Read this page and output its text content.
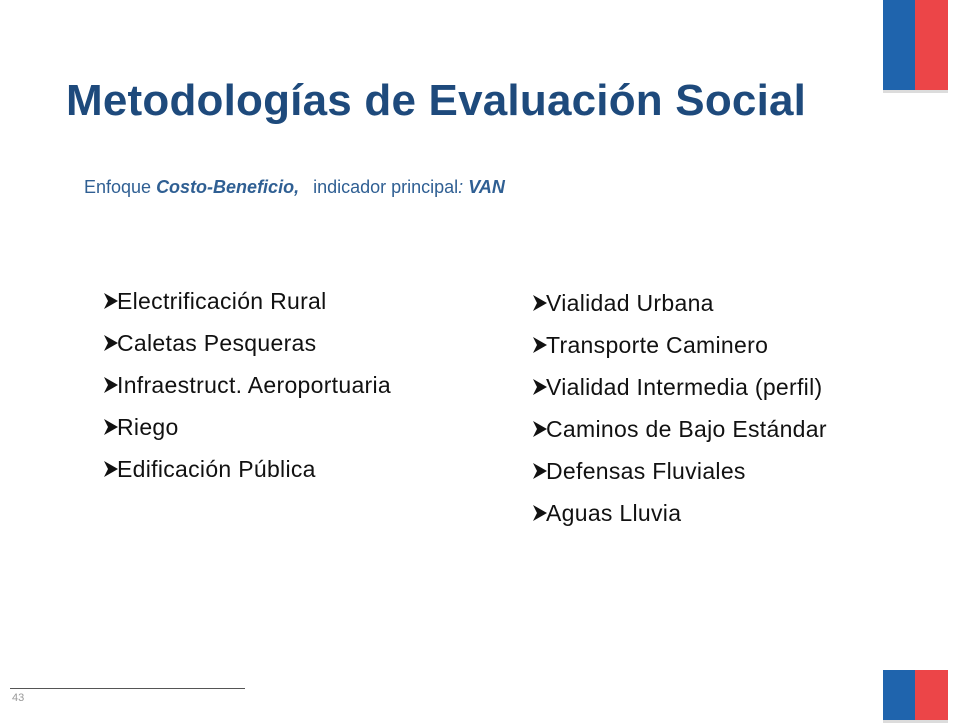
Metodologías de Evaluación Social
Enfoque Costo-Beneficio, indicador principal: VAN
Electrificación Rural
Caletas Pesqueras
Infraestruct. Aeroportuaria
Riego
Edificación Pública
Vialidad Urbana
Transporte Caminero
Vialidad Intermedia (perfil)
Caminos de Bajo Estándar
Defensas Fluviales
Aguas Lluvia
43
